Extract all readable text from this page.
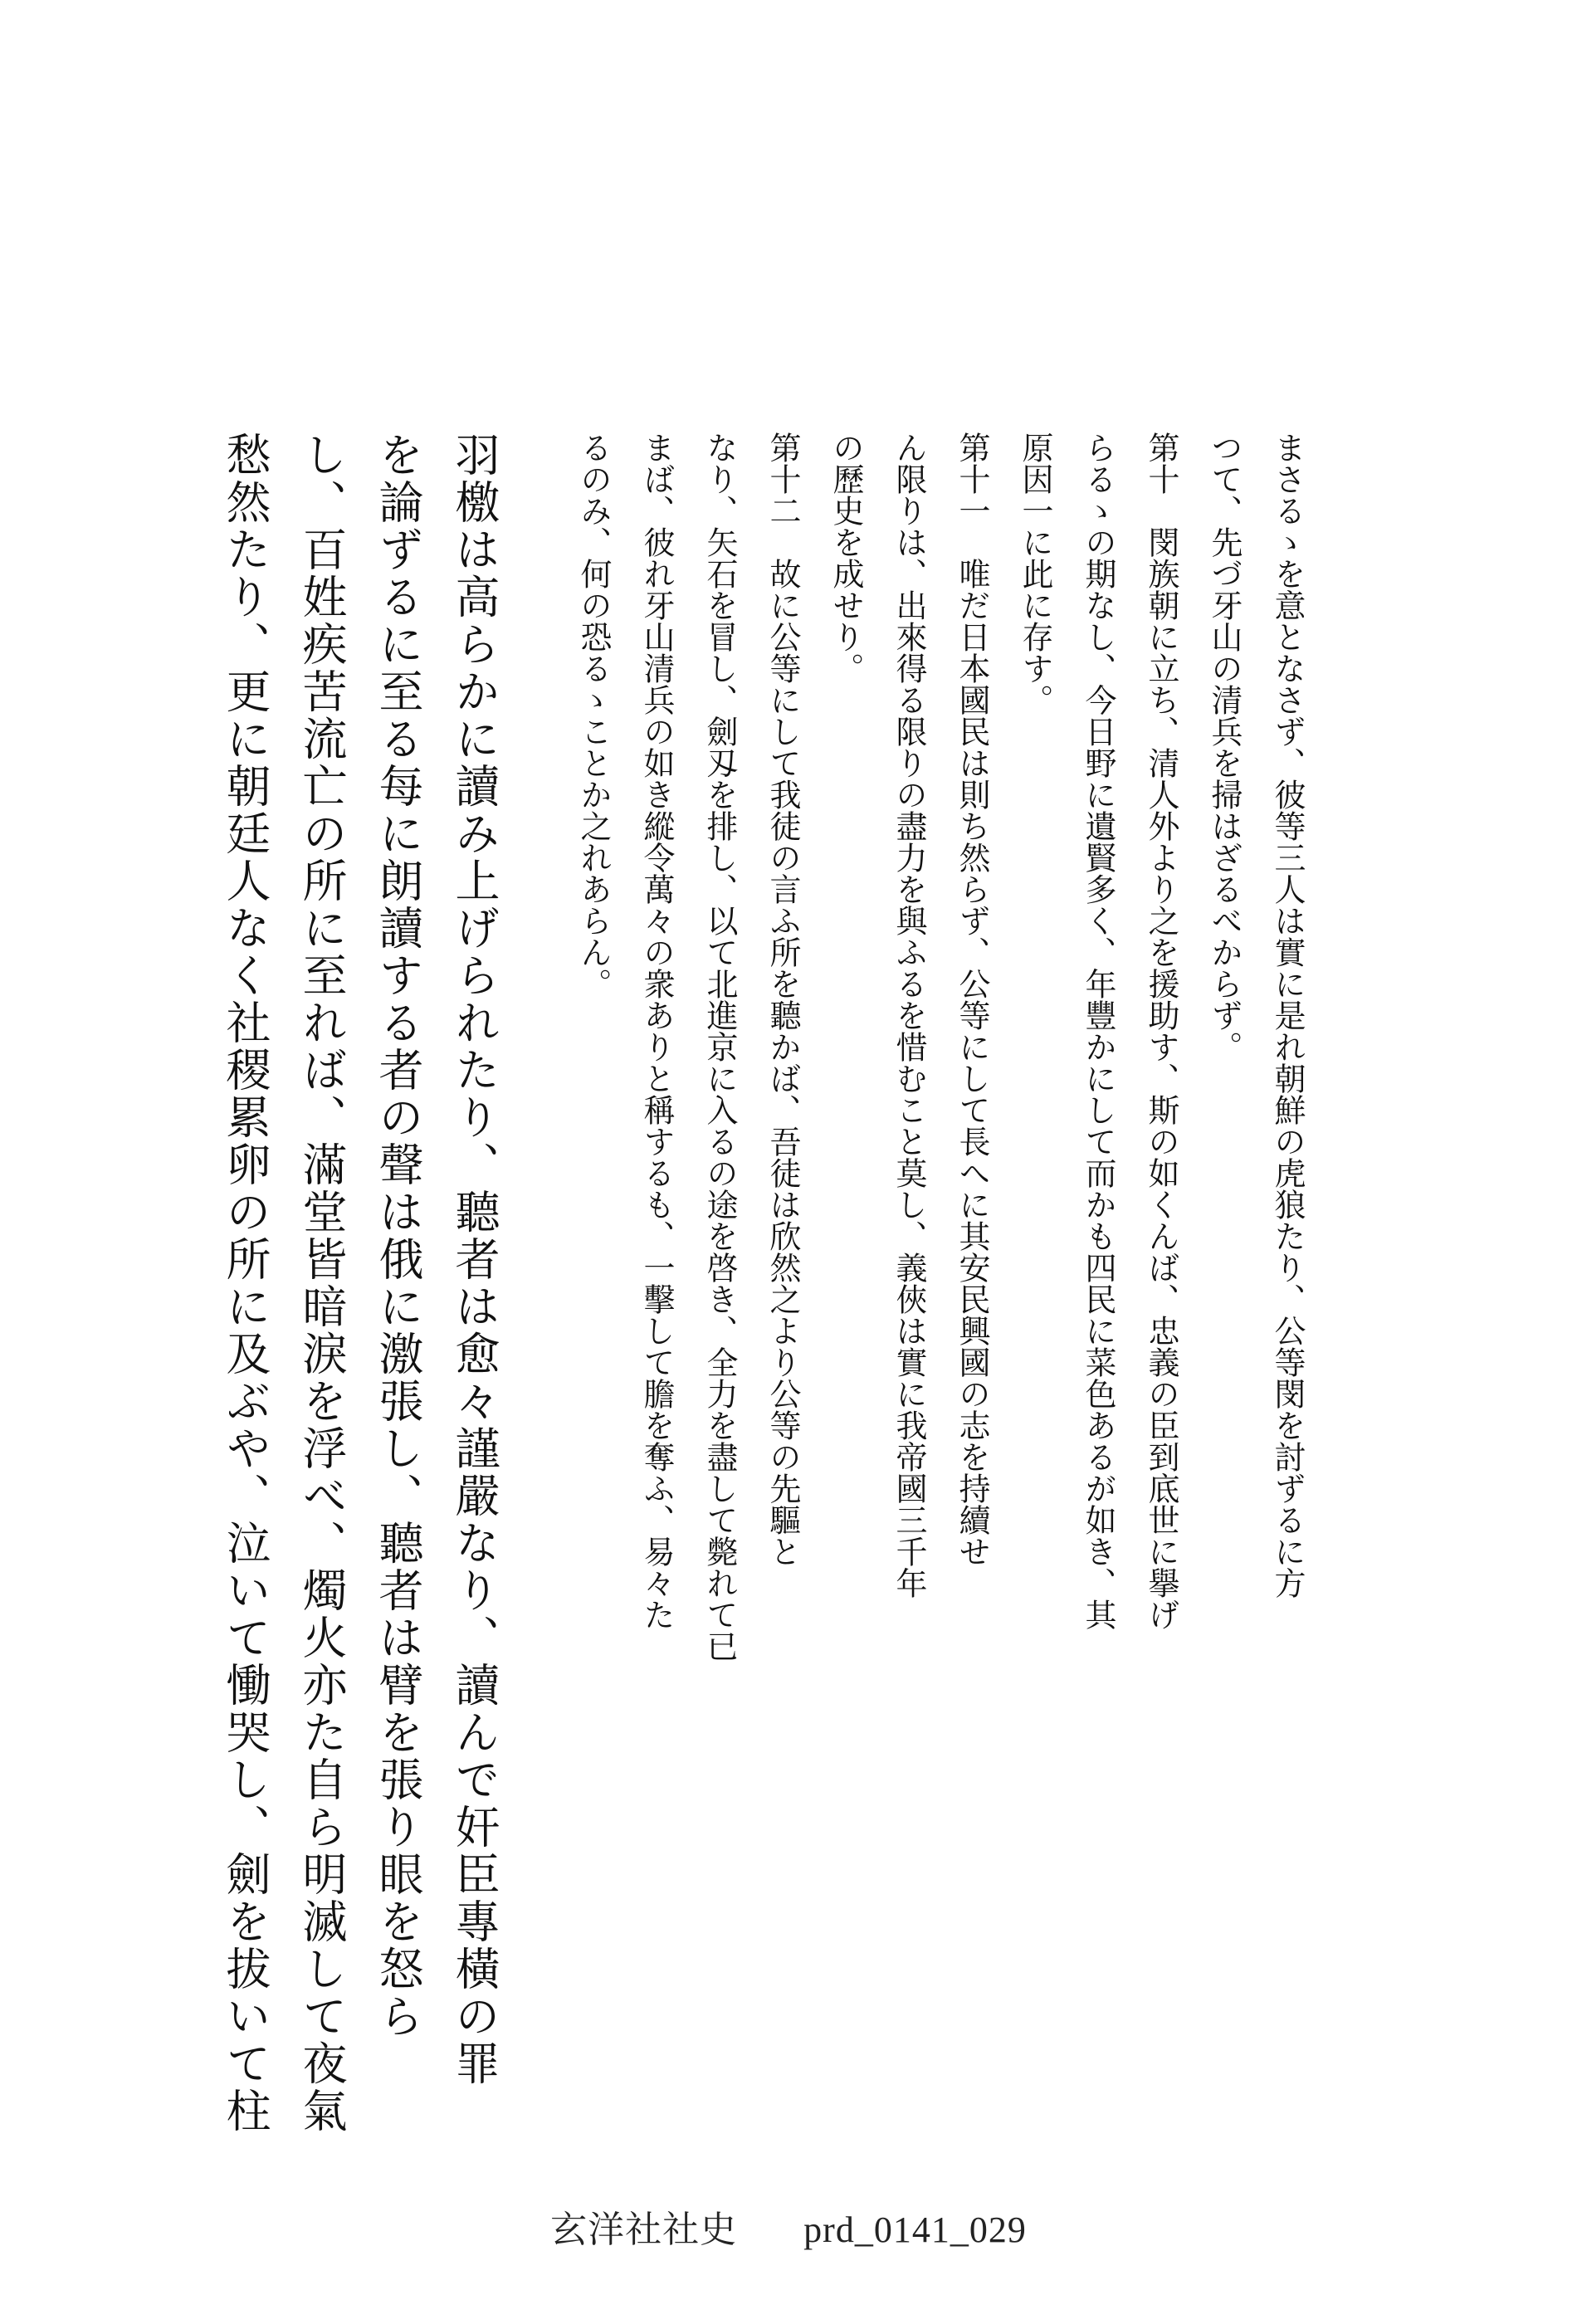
まさるゝを意となさず、彼等三人は實に是れ朝鮮の虎狼たり、公等閔を討ずるに方
つて、先づ牙山の清兵を掃はざるべからず。
第十　閔族朝に立ち、清人外より之を援助す、斯の如くんば、忠義の臣到底世に擧げ
らるゝの期なし、今日野に遺賢多く、年豐かにして而かも四民に菜色あるが如き、其
原因一に此に存す。
第十一　唯だ日本國民は則ち然らず、公等にして長へに其安民興國の志を持續せ
ん限りは、出來得る限りの盡力を與ふるを惜むこと莫し、義俠は實に我帝國三千年
の歷史を成せり。
第十二　故に公等にして我徒の言ふ所を聽かば、吾徒は欣然之より公等の先驅と
なり、矢石を冒し、劍刄を排し、以て北進京に入るの途を啓き、全力を盡して斃れて已
まば、彼れ牙山清兵の如き縱令萬々の衆ありと稱するも、一擊して膽を奪ふ、易々た
るのみ、何の恐るゝことか之れあらん。
羽檄は高らかに讀み上げられたり、聽者は愈々謹嚴なり、讀んで奸臣專橫の罪
を論ずるに至る每に朗讀する者の聲は俄に激張し、聽者は臂を張り眼を怒ら
し、百姓疾苦流亡の所に至れば、滿堂皆暗淚を浮べ、燭火亦た自ら明滅して夜氣
愁然たり、更に朝廷人なく社稷累卵の所に及ぶや、泣いて慟哭し、劍を拔いて柱
玄洋社社史 prd_0141_029
